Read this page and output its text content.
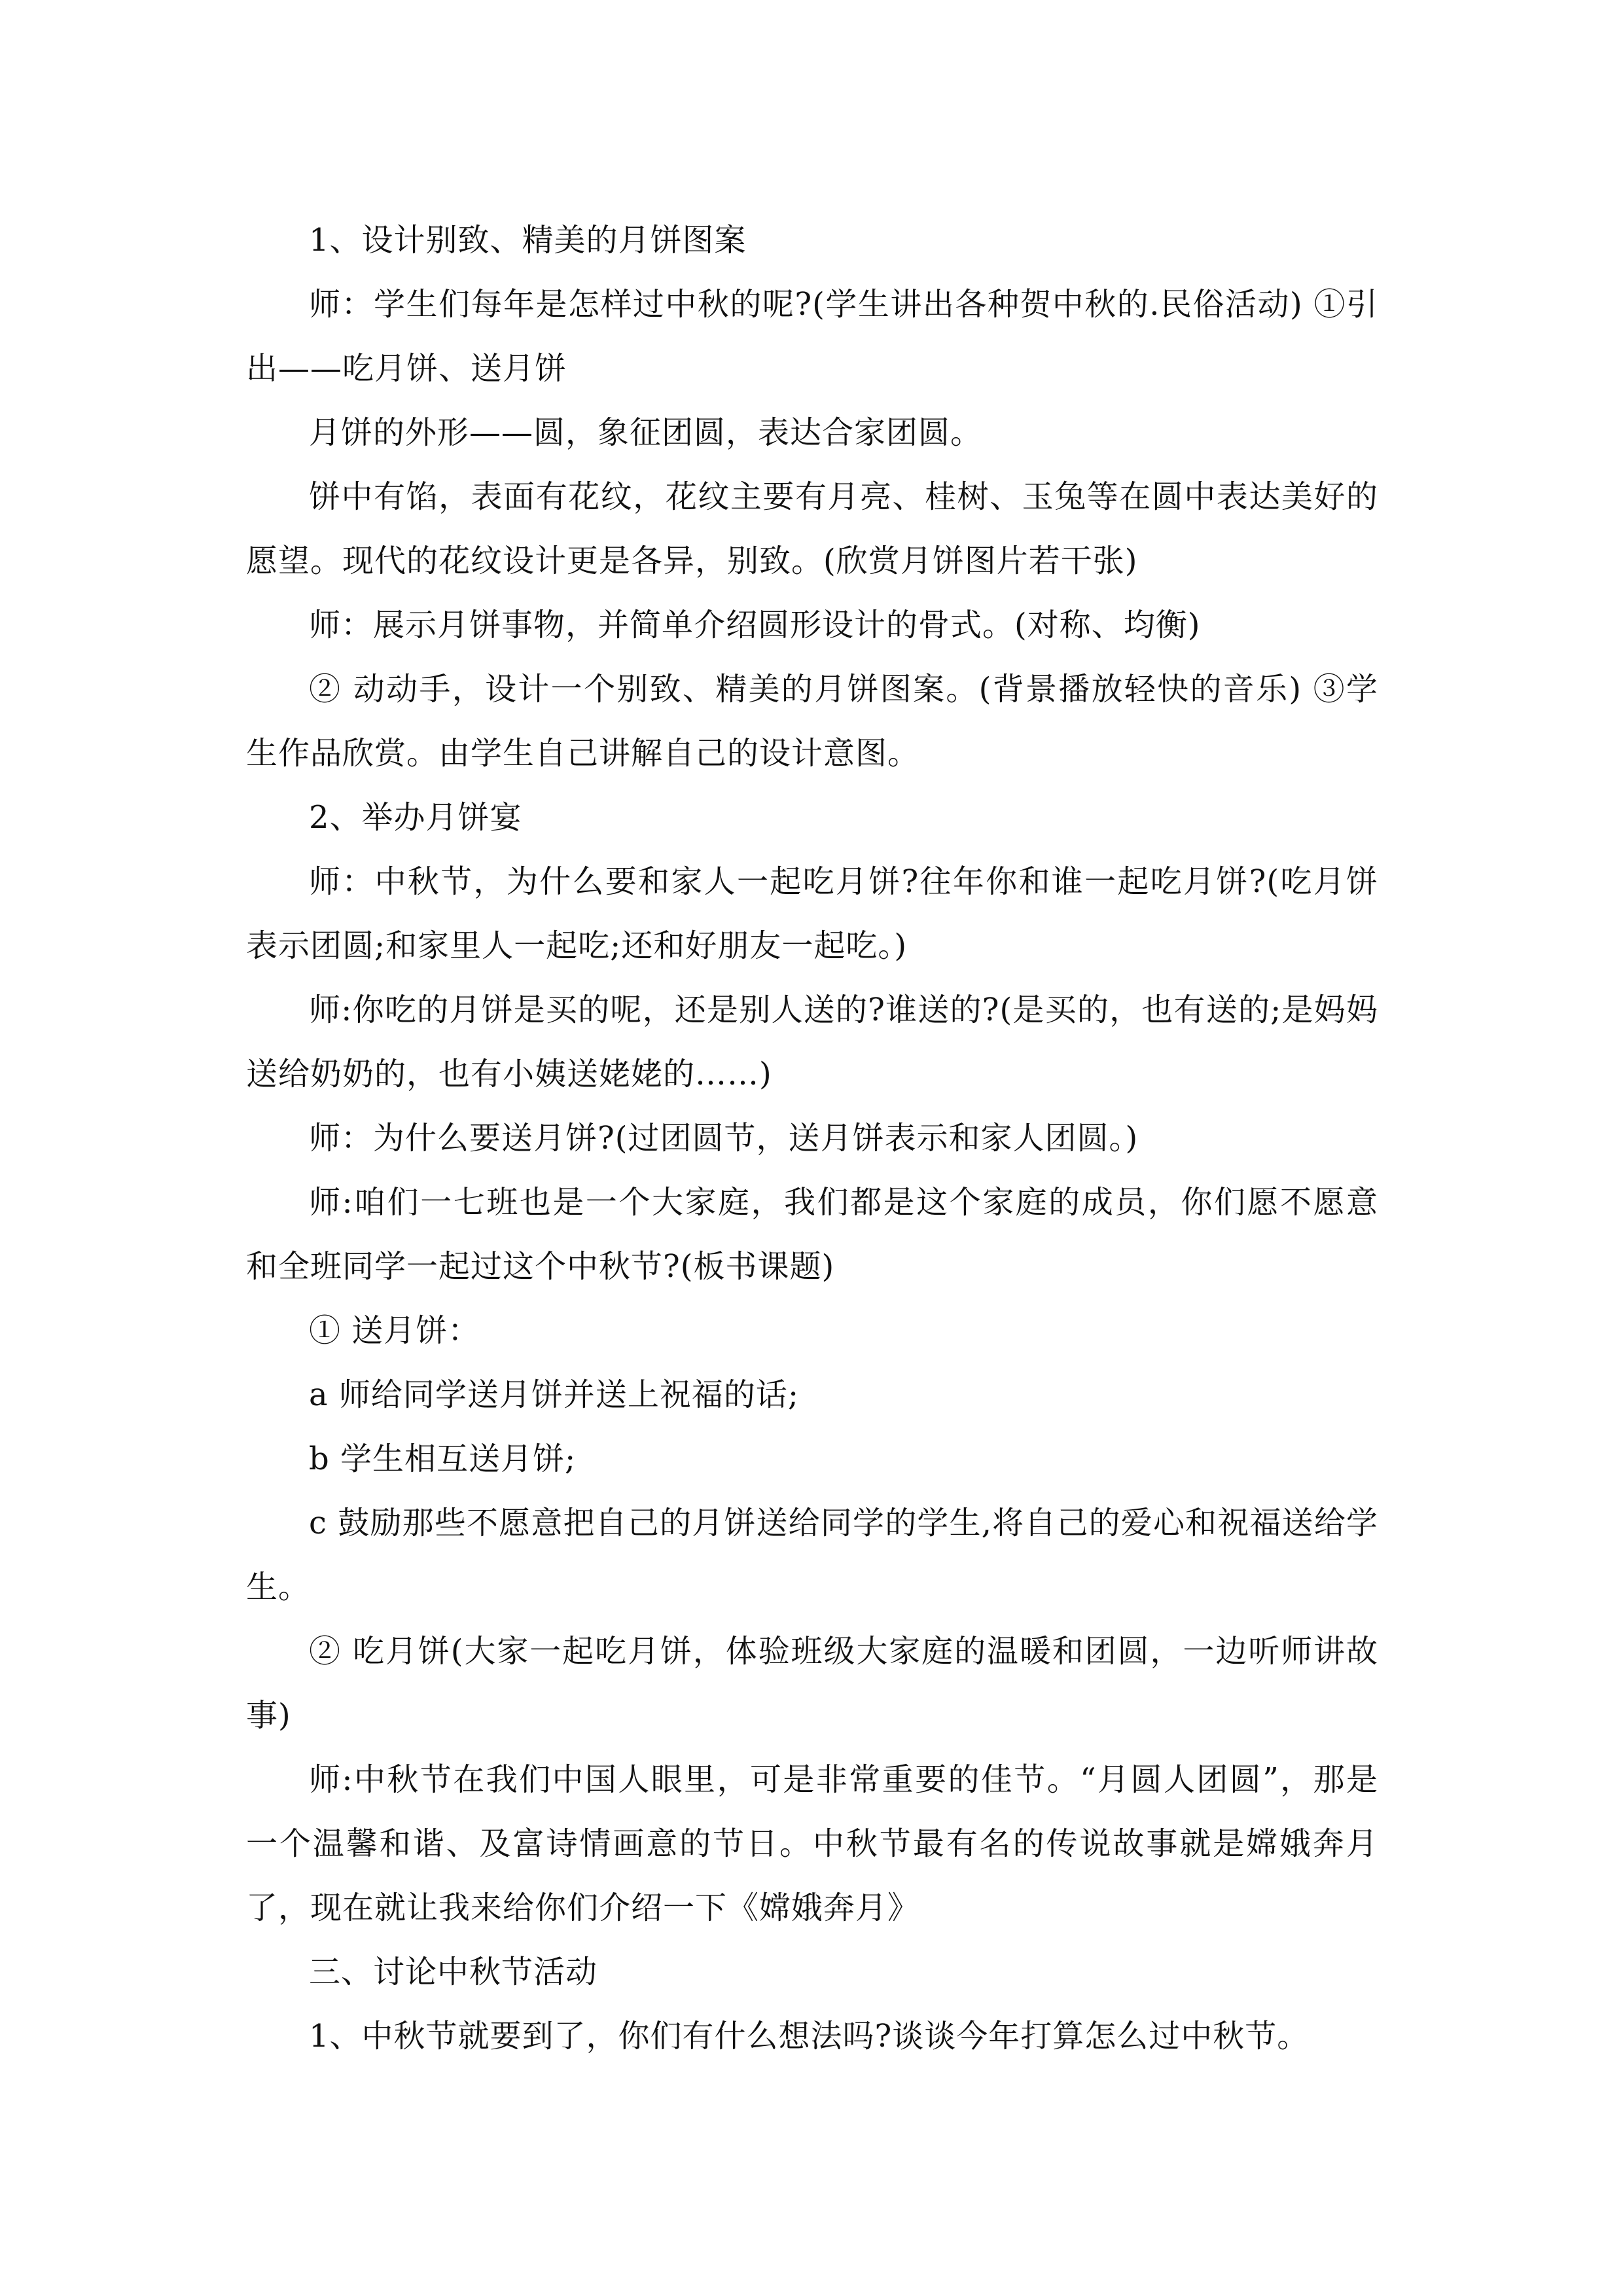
1、设计别致、精美的月饼图案

师：学生们每年是怎样过中秋的呢?(学生讲出各种贺中秋的.民俗活动) ①引出——吃月饼、送月饼

月饼的外形——圆，象征团圆，表达合家团圆。

饼中有馅，表面有花纹，花纹主要有月亮、桂树、玉兔等在圆中表达美好的愿望。现代的花纹设计更是各异，别致。(欣赏月饼图片若干张)

师：展示月饼事物，并简单介绍圆形设计的骨式。(对称、均衡)

② 动动手，设计一个别致、精美的月饼图案。(背景播放轻快的音乐) ③学生作品欣赏。由学生自己讲解自己的设计意图。

2、举办月饼宴

师：中秋节，为什么要和家人一起吃月饼?往年你和谁一起吃月饼?(吃月饼表示团圆;和家里人一起吃;还和好朋友一起吃。)

师:你吃的月饼是买的呢，还是别人送的?谁送的?(是买的，也有送的;是妈妈送给奶奶的，也有小姨送姥姥的……)

师：为什么要送月饼?(过团圆节，送月饼表示和家人团圆。)

师:咱们一七班也是一个大家庭，我们都是这个家庭的成员，你们愿不愿意和全班同学一起过这个中秋节?(板书课题)

① 送月饼：

a 师给同学送月饼并送上祝福的话;

b 学生相互送月饼;

c 鼓励那些不愿意把自己的月饼送给同学的学生,将自己的爱心和祝福送给学生。

② 吃月饼(大家一起吃月饼，体验班级大家庭的温暖和团圆，一边听师讲故事)

师:中秋节在我们中国人眼里，可是非常重要的佳节。“月圆人团圆”，那是一个温馨和谐、及富诗情画意的节日。中秋节最有名的传说故事就是嫦娥奔月了，现在就让我来给你们介绍一下《嫦娥奔月》

三、讨论中秋节活动

1、中秋节就要到了，你们有什么想法吗?谈谈今年打算怎么过中秋节。
